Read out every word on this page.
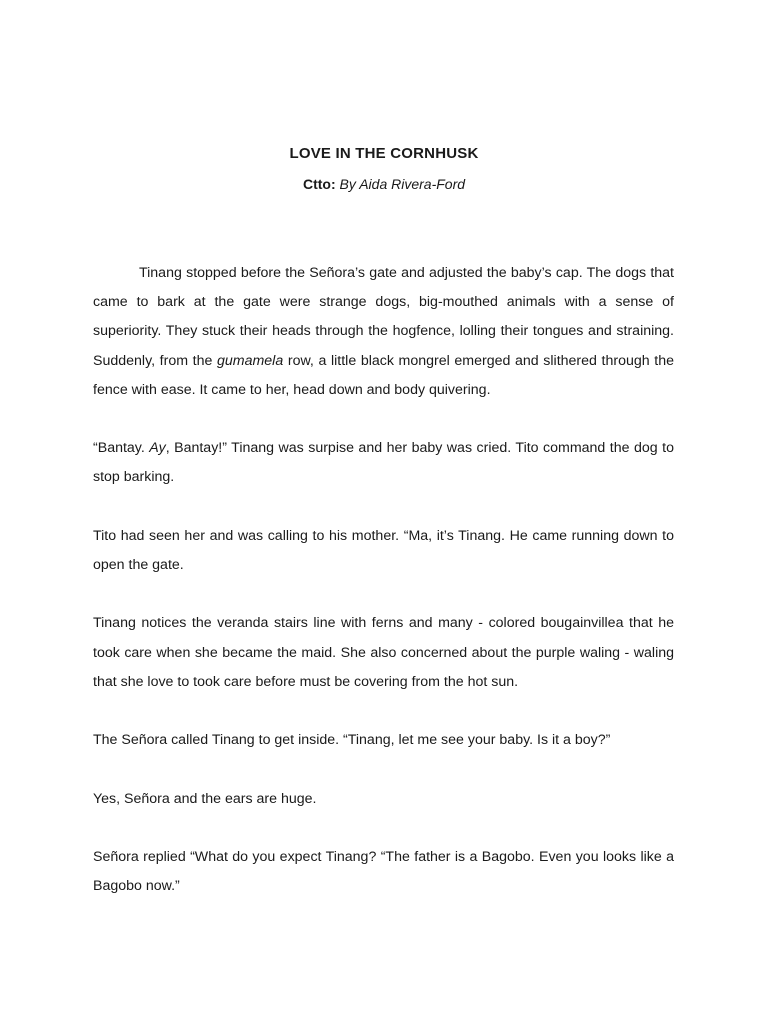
LOVE IN THE CORNHUSK

Ctto: By Aida Rivera-Ford

Tinang stopped before the Señora’s gate and adjusted the baby’s cap. The dogs that came to bark at the gate were strange dogs, big-mouthed animals with a sense of superiority. They stuck their heads through the hogfence, lolling their tongues and straining. Suddenly, from the gumamela row, a little black mongrel emerged and slithered through the fence with ease. It came to her, head down and body quivering.

“Bantay. Ay, Bantay!” Tinang was surpise and her baby was cried. Tito command the dog to stop barking.

Tito had seen her and was calling to his mother. “Ma, it’s Tinang. He came running down to open the gate.

Tinang notices the veranda stairs line with ferns and many - colored bougainvillea that he took care when she became the maid. She also concerned about the purple waling - waling that she love to took care before must be covering from the hot sun.

The Señora called Tinang to get inside. “Tinang, let me see your baby. Is it a boy?”

Yes, Señora and the ears are huge.

Señora replied “What do you expect Tinang? “The father is a Bagobo. Even you looks like a Bagobo now.”
